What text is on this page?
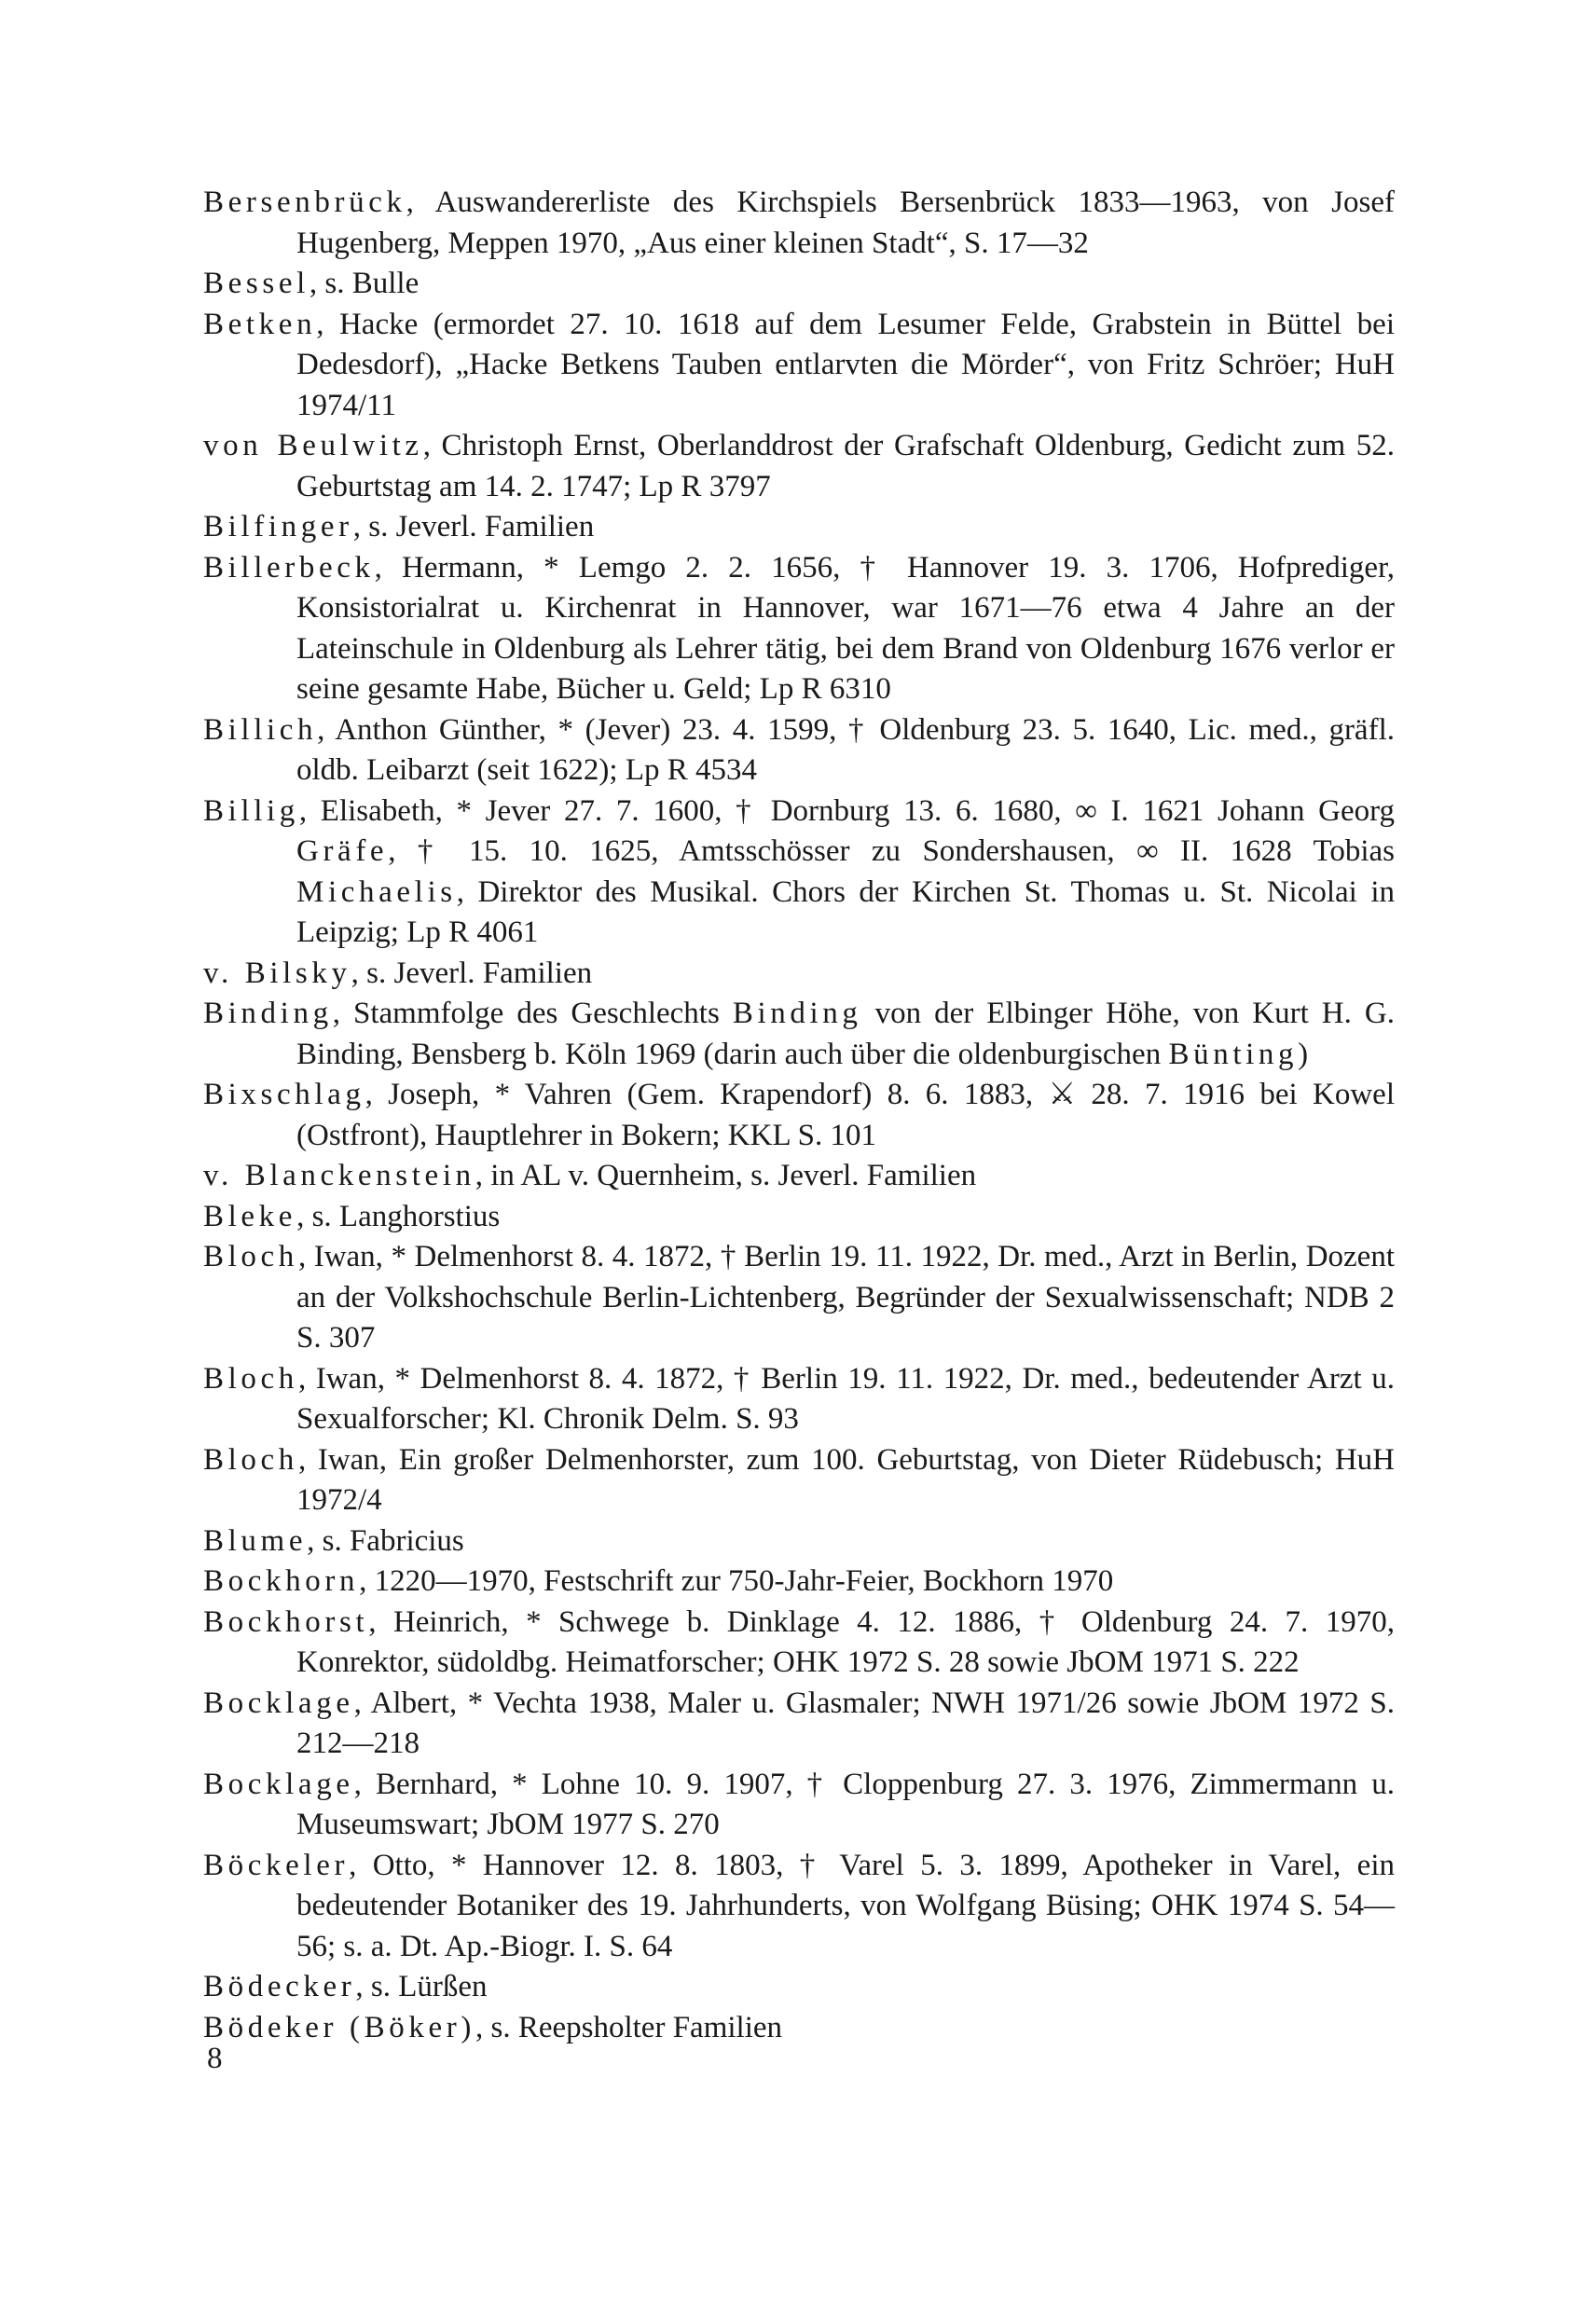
Bersenbrück, Auswandererliste des Kirchspiels Bersenbrück 1833—1963, von Josef Hugenberg, Meppen 1970, „Aus einer kleinen Stadt“, S. 17—32

Bessel, s. Bulle

Betken, Hacke (ermordet 27. 10. 1618 auf dem Lesumer Felde, Grabstein in Büttel bei Dedesdorf), „Hacke Betkens Tauben entlarvten die Mörder“, von Fritz Schröer; HuH 1974/11

von Beulwitz, Christoph Ernst, Oberlanddrost der Grafschaft Oldenburg, Gedicht zum 52. Geburtstag am 14. 2. 1747; Lp R 3797

Bilfinger, s. Jeverl. Familien

Billerbeck, Hermann, * Lemgo 2. 2. 1656, † Hannover 19. 3. 1706, Hofprediger, Konsistorialrat u. Kirchenrat in Hannover, war 1671—76 etwa 4 Jahre an der Lateinschule in Oldenburg als Lehrer tätig, bei dem Brand von Oldenburg 1676 verlor er seine gesamte Habe, Bücher u. Geld; Lp R 6310

Billich, Anthon Günther, * (Jever) 23. 4. 1599, † Oldenburg 23. 5. 1640, Lic. med., gräfl. oldb. Leibarzt (seit 1622); Lp R 4534

Billig, Elisabeth, * Jever 27. 7. 1600, † Dornburg 13. 6. 1680, ∞ I. 1621 Johann Georg Gräfe, † 15. 10. 1625, Amtsschösser zu Sondershausen, ∞ II. 1628 Tobias Michaelis, Direktor des Musikal. Chors der Kirchen St. Thomas u. St. Nicolai in Leipzig; Lp R 4061

v. Bilsky, s. Jeverl. Familien

Binding, Stammfolge des Geschlechts Binding von der Elbinger Höhe, von Kurt H. G. Binding, Bensberg b. Köln 1969 (darin auch über die oldenburgischen Bünting)

Bixschlag, Joseph, * Vahren (Gem. Krapendorf) 8. 6. 1883, ⚔ 28. 7. 1916 bei Kowel (Ostfront), Hauptlehrer in Bokern; KKL S. 101

v. Blanckenstein, in AL v. Quernheim, s. Jeverl. Familien

Bleke, s. Langhorstius

Bloch, Iwan, * Delmenhorst 8. 4. 1872, † Berlin 19. 11. 1922, Dr. med., Arzt in Berlin, Dozent an der Volkshochschule Berlin-Lichtenberg, Begründer der Sexualwissenschaft; NDB 2 S. 307

Bloch, Iwan, * Delmenhorst 8. 4. 1872, † Berlin 19. 11. 1922, Dr. med., bedeutender Arzt u. Sexualforscher; Kl. Chronik Delm. S. 93

Bloch, Iwan, Ein großer Delmenhorster, zum 100. Geburtstag, von Dieter Rüdebusch; HuH 1972/4

Blume, s. Fabricius

Bockhorn, 1220—1970, Festschrift zur 750-Jahr-Feier, Bockhorn 1970

Bockhorst, Heinrich, * Schwege b. Dinklage 4. 12. 1886, † Oldenburg 24. 7. 1970, Konrektor, südoldbg. Heimatforscher; OHK 1972 S. 28 sowie JbOM 1971 S. 222

Bocklage, Albert, * Vechta 1938, Maler u. Glasmaler; NWH 1971/26 sowie JbOM 1972 S. 212—218

Bocklage, Bernhard, * Lohne 10. 9. 1907, † Cloppenburg 27. 3. 1976, Zimmermann u. Museumswart; JbOM 1977 S. 270

Böckeler, Otto, * Hannover 12. 8. 1803, † Varel 5. 3. 1899, Apotheker in Varel, ein bedeutender Botaniker des 19. Jahrhunderts, von Wolfgang Büsing; OHK 1974 S. 54—56; s. a. Dt. Ap.-Biogr. I. S. 64

Bödecker, s. Lürßen

Bödeker (Böker), s. Reepsholter Familien

8
